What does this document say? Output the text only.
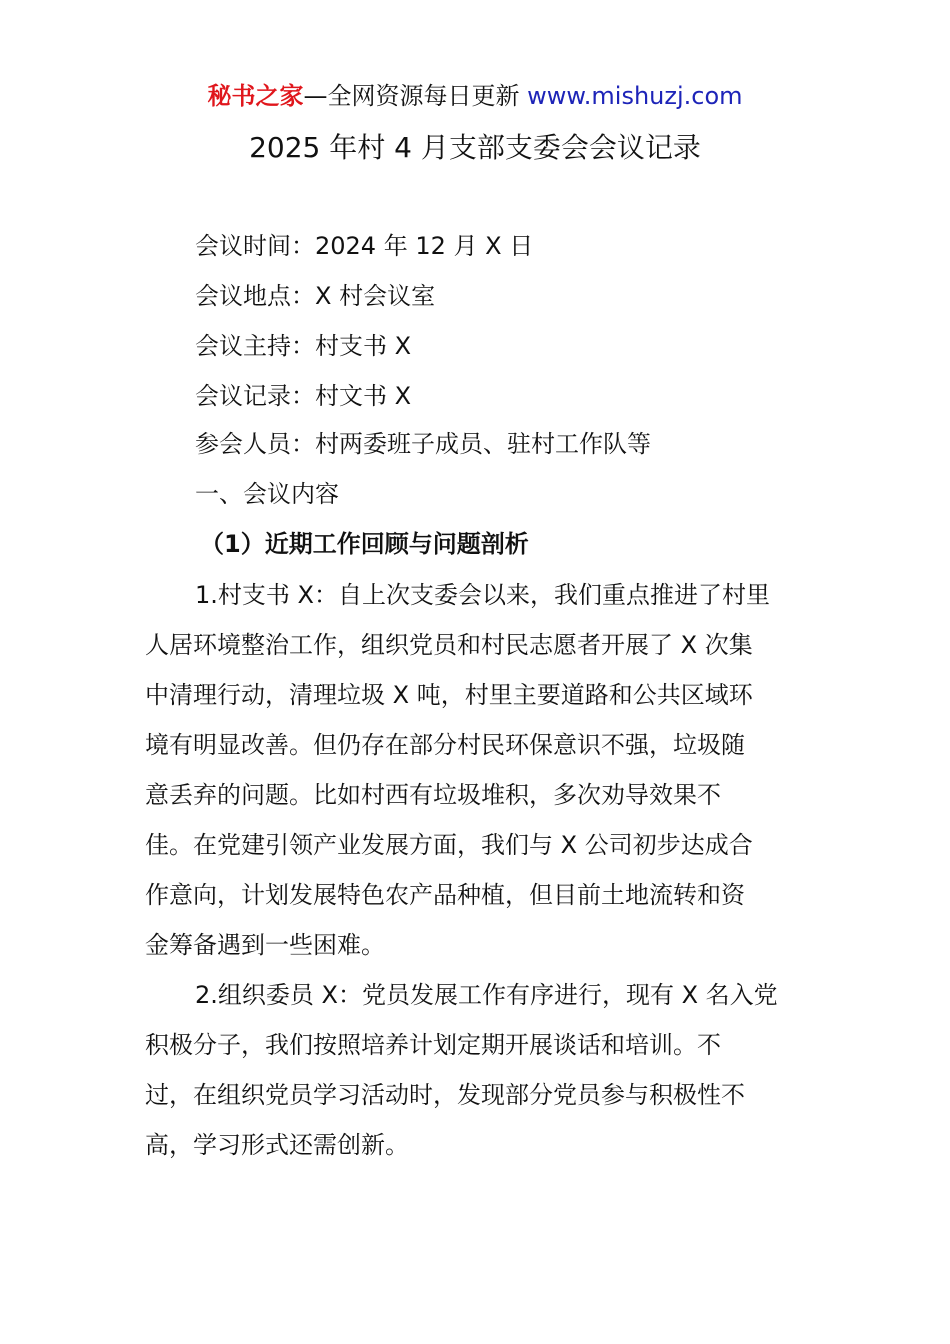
秘书之家—全网资源每日更新 www.mishuzj.com
2025 年村 4 月支部支委会会议记录
会议时间：2024 年 12 月 X 日
会议地点：X 村会议室
会议主持：村支书 X
会议记录：村文书 X
参会人员：村两委班子成员、驻村工作队等
一、会议内容
（1）近期工作回顾与问题剖析
1.村支书 X：自上次支委会以来，我们重点推进了村里
人居环境整治工作，组织党员和村民志愿者开展了 X 次集
中清理行动，清理垃圾 X 吨，村里主要道路和公共区域环
境有明显改善。但仍存在部分村民环保意识不强，垃圾随
意丢弃的问题。比如村西有垃圾堆积，多次劝导效果不
佳。在党建引领产业发展方面，我们与 X 公司初步达成合
作意向，计划发展特色农产品种植，但目前土地流转和资
金筹备遇到一些困难。
2.组织委员 X：党员发展工作有序进行，现有 X 名入党
积极分子，我们按照培养计划定期开展谈话和培训。不
过，在组织党员学习活动时，发现部分党员参与积极性不
高，学习形式还需创新。
